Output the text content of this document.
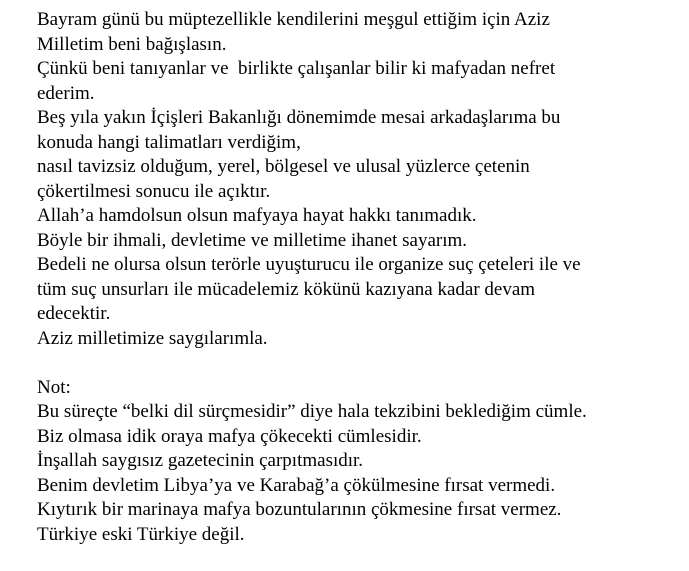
Bayram günü bu müptezellikle kendilerini meşgul ettiğim için Aziz
Milletim beni bağışlasın.
Çünkü beni tanıyanlar ve  birlikte çalışanlar bilir ki mafyadan nefret
ederim.
Beş yıla yakın İçişleri Bakanlığı dönemimde mesai arkadaşlarıma bu
konuda hangi talimatları verdiğim,
nasıl tavizsiz olduğum, yerel, bölgesel ve ulusal yüzlerce çetenin
çökertilmesi sonucu ile açıktır.
Allah’a hamdolsun olsun mafyaya hayat hakkı tanımadık.
Böyle bir ihmali, devletime ve milletime ihanet sayarım.
Bedeli ne olursa olsun terörle uyuşturucu ile organize suç çeteleri ile ve
tüm suç unsurları ile mücadelemiz kökünü kazıyana kadar devam
edecektir.
Aziz milletimize saygılarımla.
Not:
Bu süreçte “belki dil sürçmesidir” diye hala tekzibini beklediğim cümle.
Biz olmasa idik oraya mafya çökecekti cümlesidir.
İnşallah saygısız gazetecinin çarpıtmasıdır.
Benim devletim Libya’ya ve Karabağ’a çökülmesine fırsat vermedi.
Kıytırık bir marinaya mafya bozuntularının çökmesine fırsat vermez.
Türkiye eski Türkiye değil.
